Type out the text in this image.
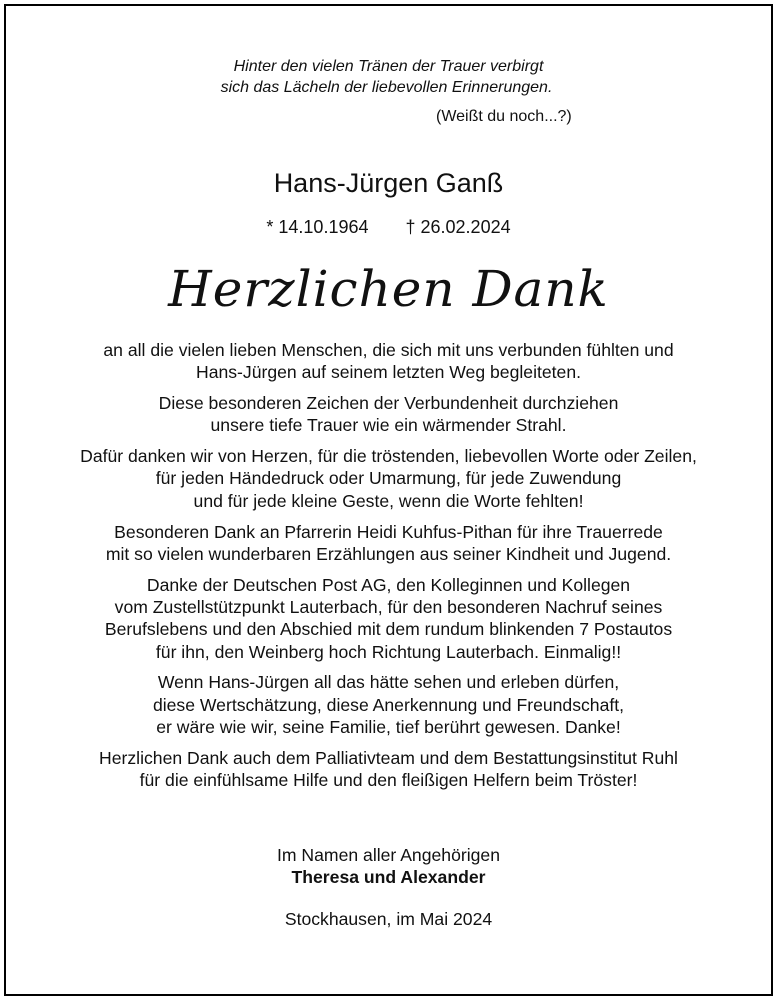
Hinter den vielen Tränen der Trauer verbirgt
sich das Lächeln der liebevollen Erinnerungen.
(Weißt du noch...?)
Hans-Jürgen Ganß
* 14.10.1964 † 26.02.2024
Herzlichen Dank
an all die vielen lieben Menschen, die sich mit uns verbunden fühlten und
Hans-Jürgen auf seinem letzten Weg begleiteten.
Diese besonderen Zeichen der Verbundenheit durchziehen
unsere tiefe Trauer wie ein wärmender Strahl.
Dafür danken wir von Herzen, für die tröstenden, liebevollen Worte oder Zeilen,
für jeden Händedruck oder Umarmung, für jede Zuwendung
und für jede kleine Geste, wenn die Worte fehlten!
Besonderen Dank an Pfarrerin Heidi Kuhfus-Pithan für ihre Trauerrede
mit so vielen wunderbaren Erzählungen aus seiner Kindheit und Jugend.
Danke der Deutschen Post AG, den Kolleginnen und Kollegen
vom Zustellstützpunkt Lauterbach, für den besonderen Nachruf seines
Berufslebens und den Abschied mit dem rundum blinkenden 7 Postautos
für ihn, den Weinberg hoch Richtung Lauterbach. Einmalig!!
Wenn Hans-Jürgen all das hätte sehen und erleben dürfen,
diese Wertschätzung, diese Anerkennung und Freundschaft,
er wäre wie wir, seine Familie, tief berührt gewesen. Danke!
Herzlichen Dank auch dem Palliativteam und dem Bestattungsinstitut Ruhl
für die einfühlsame Hilfe und den fleißigen Helfern beim Tröster!
Im Namen aller Angehörigen
Theresa und Alexander
Stockhausen, im Mai 2024
